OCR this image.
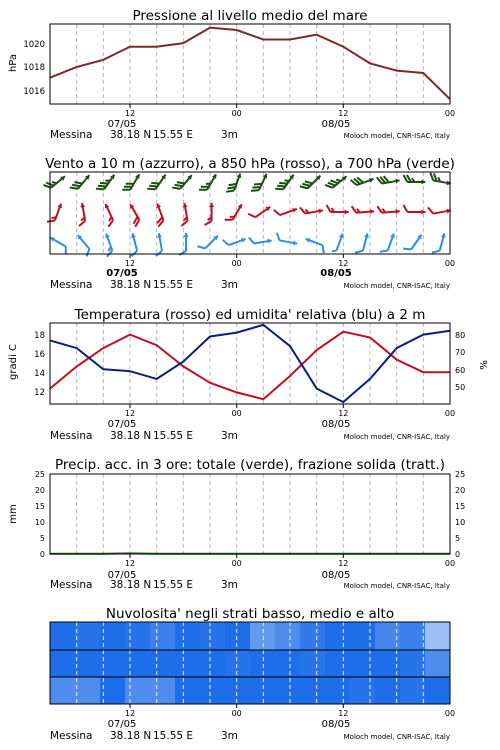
Pressione al livello medio del mare
hPa
1016
1018
1020
12	00	12	00
07/05	08/05
Messina 38.18 N 15.55 E	3m	Moloch model, CNR-ISAC, Italy
Vento a 10 m (azzurro), a 850 hPa (rosso), a 700 hPa (verde)
12	00	12	00
07/05	08/05
Messina 38.18 N 15.55 E	3m	Moloch model, CNR-ISAC, Italy
Temperatura (rosso) ed umidita' relativa (blu) a 2 m
gradi C	%
12
14
16
18
50
60
70
80
12	00	12	00
07/05	08/05
Messina 38.18 N 15.55 E	3m	Moloch model, CNR-ISAC, Italy
Precip. acc. in 3 ore: totale (verde), frazione solida (tratt.)
mm
0
5
10
15
20
25
0
5
10
15
20
25
12	00	12	00
07/05	08/05
Messina 38.18 N 15.55 E	3m	Moloch model, CNR-ISAC, Italy
Nuvolosita' negli strati basso, medio e alto
12	00	12	00
07/05	08/05
Messina 38.18 N 15.55 E	3m	Moloch model, CNR-ISAC, Italy
